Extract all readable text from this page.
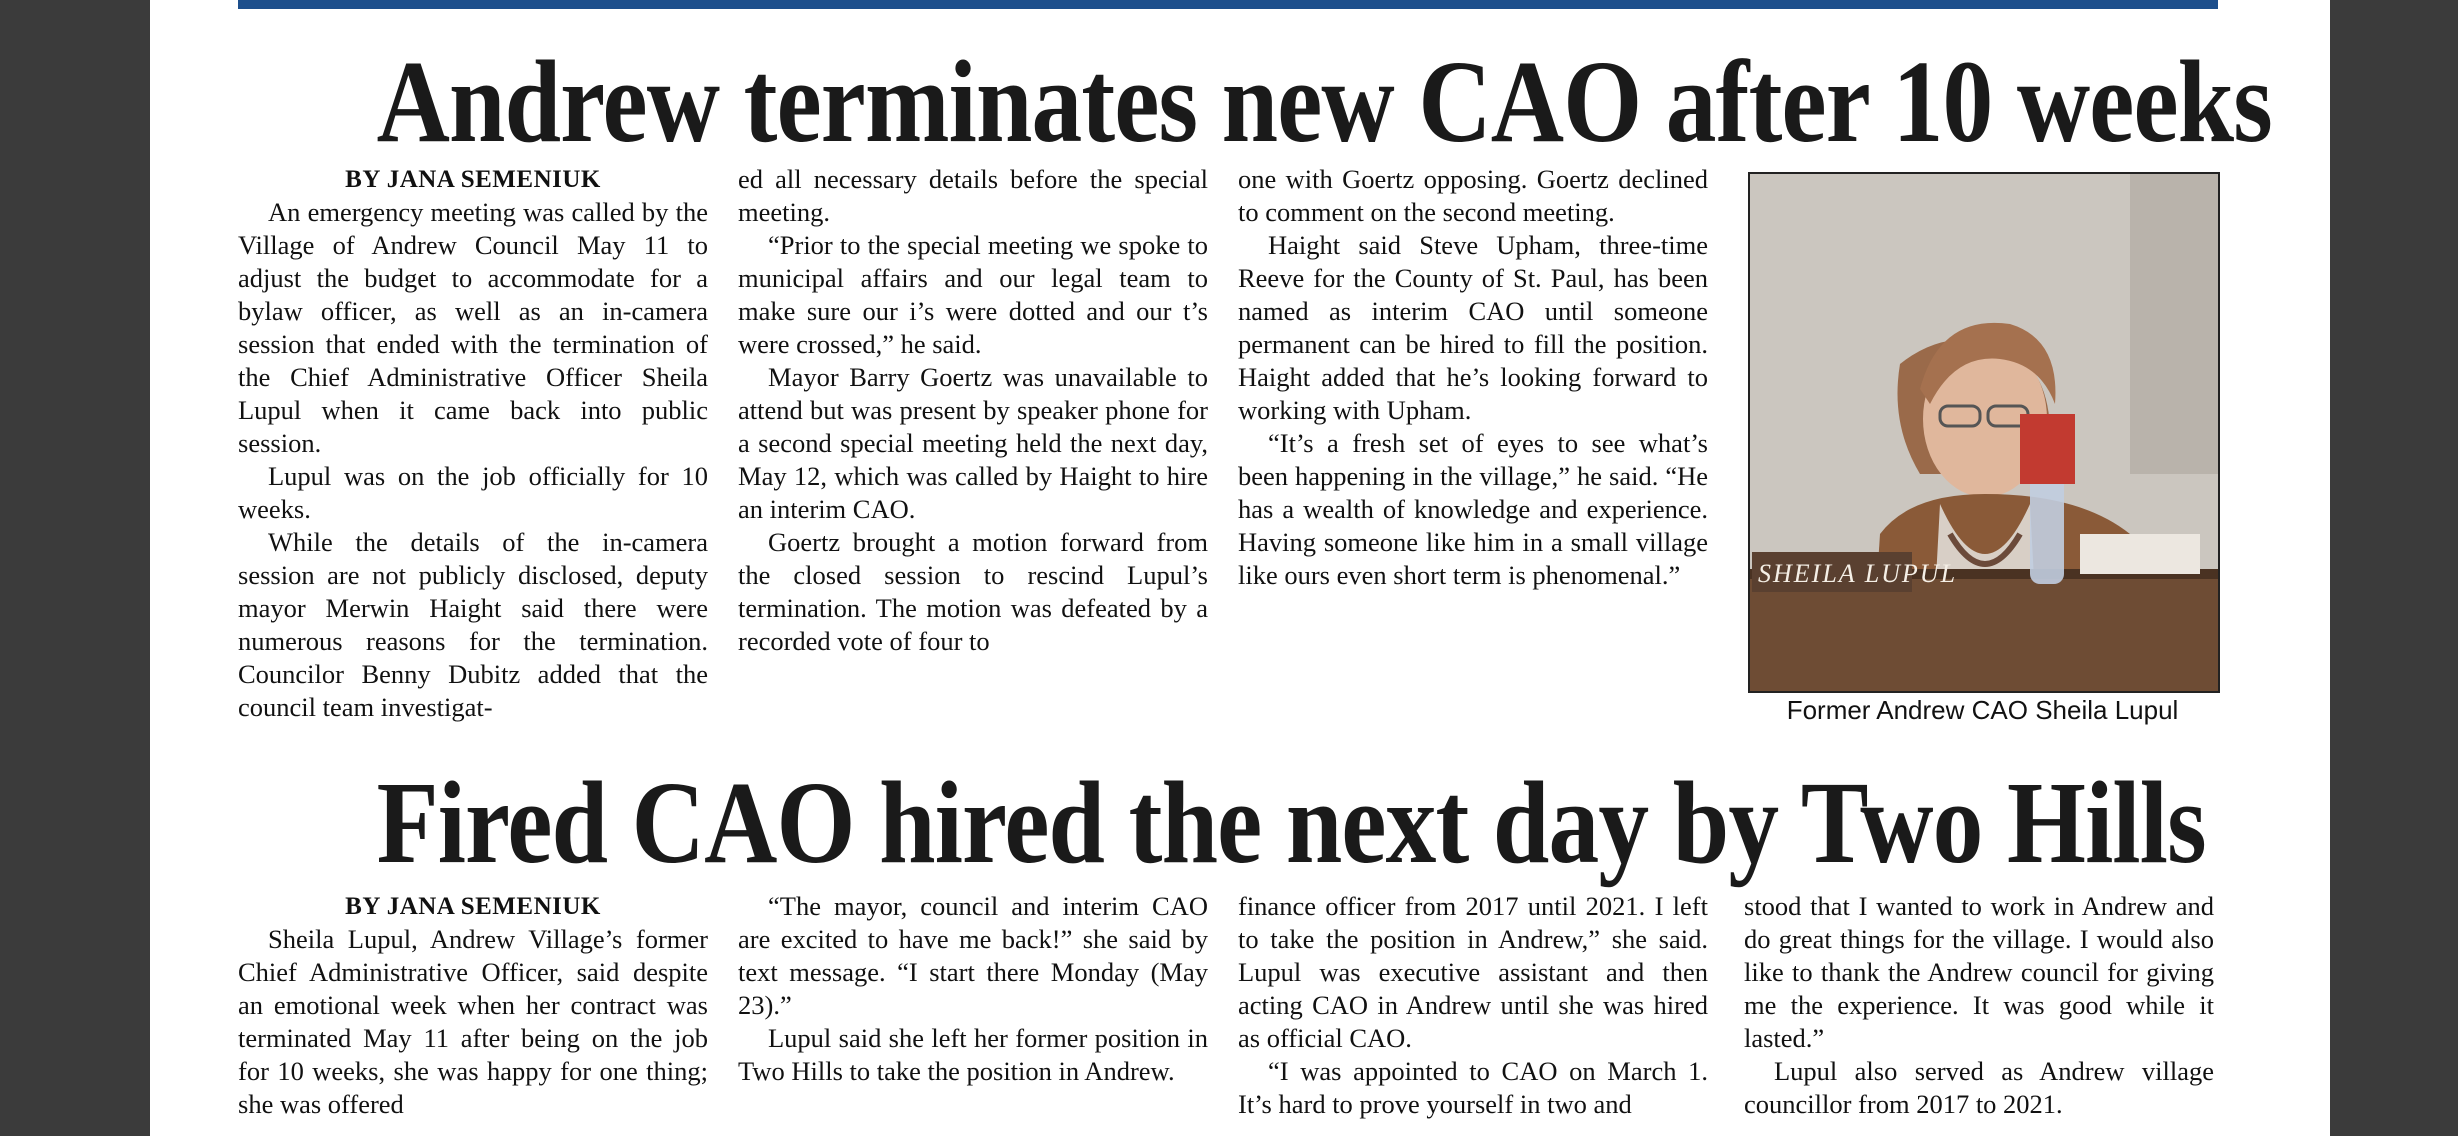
Andrew terminates new CAO after 10 weeks

BY JANA SEMENIUK

An emergency meeting was called by the Village of Andrew Council May 11 to adjust the budget to accommodate for a bylaw officer, as well as an in-camera session that ended with the termination of the Chief Administrative Officer Sheila Lupul when it came back into public session.

Lupul was on the job officially for 10 weeks.

While the details of the in-camera session are not publicly disclosed, deputy mayor Merwin Haight said there were numerous reasons for the termination. Councilor Benny Dubitz added that the council team investigat-

ed all necessary details before the special meeting.

“Prior to the special meeting we spoke to municipal affairs and our legal team to make sure our i’s were dotted and our t’s were crossed,” he said.

Mayor Barry Goertz was unavailable to attend but was present by speaker phone for a second special meeting held the next day, May 12, which was called by Haight to hire an interim CAO.

Goertz brought a motion forward from the closed session to rescind Lupul’s termination. The motion was defeated by a recorded vote of four to

one with Goertz opposing. Goertz declined to comment on the second meeting.

Haight said Steve Upham, three-time Reeve for the County of St. Paul, has been named as interim CAO until someone permanent can be hired to fill the position. Haight added that he’s looking forward to working with Upham.

“It’s a fresh set of eyes to see what’s been happening in the village,” he said. “He has a wealth of knowledge and experience. Having someone like him in a small village like ours even short term is phenomenal.”	SHEILA LUPUL
Former Andrew CAO Sheila Lupul
Fired CAO hired the next day by Two Hills

BY JANA SEMENIUK

Sheila Lupul, Andrew Village’s former Chief Administrative Officer, said despite an emotional week when her contract was terminated May 11 after being on the job for 10 weeks, she was happy for one thing; she was offered

“The mayor, council and interim CAO are excited to have me back!” she said by text message. “I start there Monday (May 23).”

Lupul said she left her former position in Two Hills to take the position in Andrew.

finance officer from 2017 until 2021. I left to take the position in Andrew,” she said. Lupul was executive assistant and then acting CAO in Andrew until she was hired as official CAO.

“I was appointed to CAO on March 1. It’s hard to prove yourself in two and

stood that I wanted to work in Andrew and do great things for the village. I would also like to thank the Andrew council for giving me the experience. It was good while it lasted.”

Lupul also served as Andrew village councillor from 2017 to 2021.
